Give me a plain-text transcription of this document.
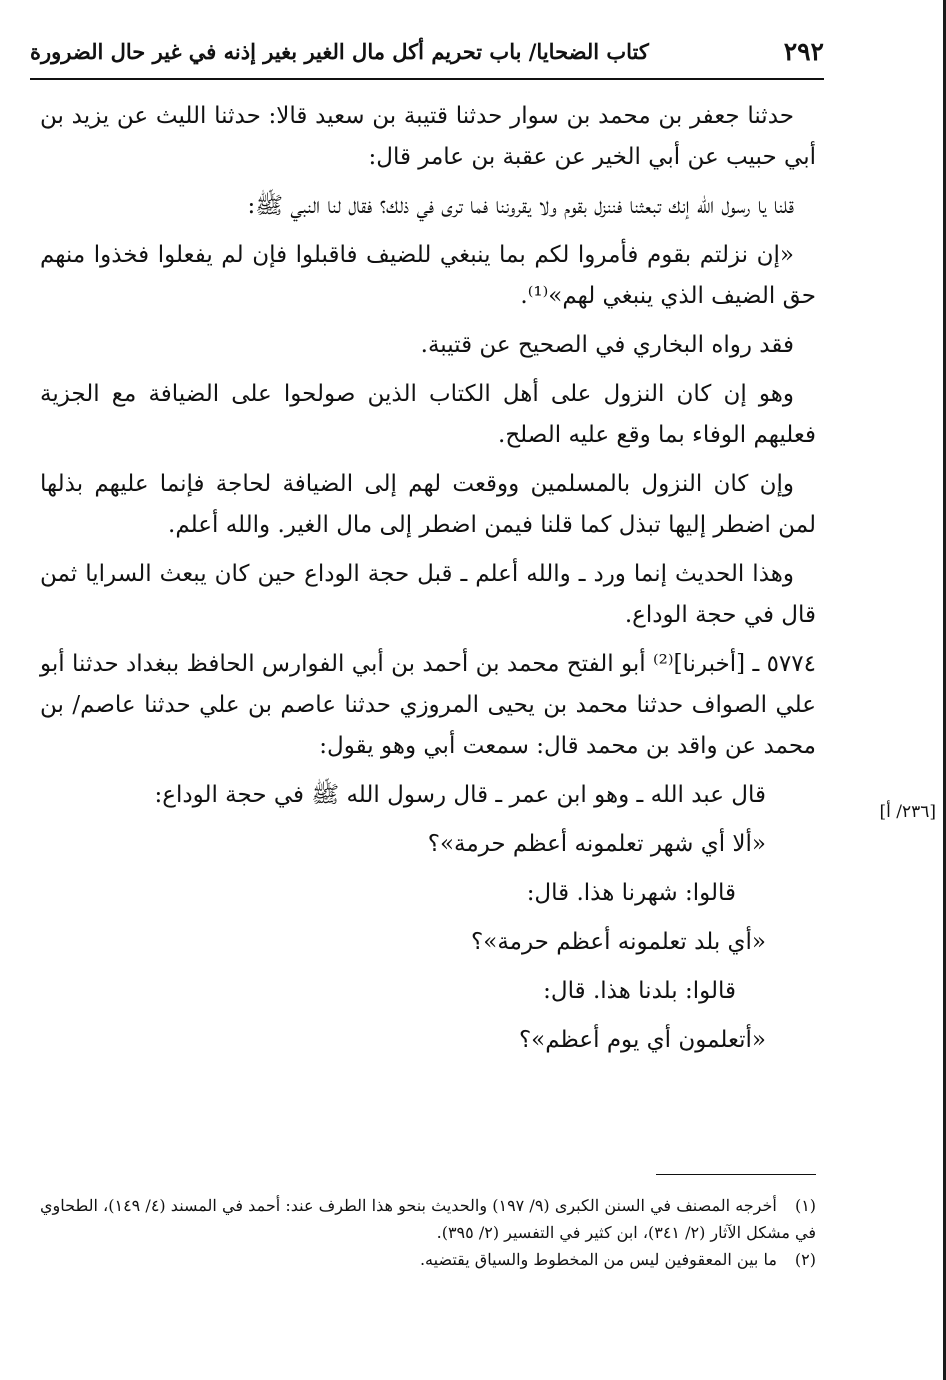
٢٩٢
كتاب الضحايا/ باب تحريم أكل مال الغير بغير إذنه في غير حال الضرورة

حدثنا جعفر بن محمد بن سوار حدثنا قتيبة بن سعيد قالا: حدثنا الليث عن يزيد بن أبي حبيب عن أبي الخير عن عقبة بن عامر قال:

قلنا يا رسول الله إنك تبعثنا فننزل بقوم ولا يقروننا فما ترى في ذلك؟ فقال لنا النبي ﷺ:

«إن نزلتم بقوم فأمروا لكم بما ينبغي للضيف فاقبلوا فإن لم يفعلوا فخذوا منهم حق الضيف الذي ينبغي لهم»⁽¹⁾.

فقد رواه البخاري في الصحيح عن قتيبة.

وهو إن كان النزول على أهل الكتاب الذين صولحوا على الضيافة مع الجزية فعليهم الوفاء بما وقع عليه الصلح.

وإن كان النزول بالمسلمين ووقعت لهم إلى الضيافة لحاجة فإنما عليهم بذلها لمن اضطر إليها تبذل كما قلنا فيمن اضطر إلى مال الغير. والله أعلم.

وهذا الحديث إنما ورد ـ والله أعلم ـ قبل حجة الوداع حين كان يبعث السرايا ثمن قال في حجة الوداع.

٥٧٧٤ ـ [أخبرنا]⁽²⁾ أبو الفتح محمد بن أحمد بن أبي الفوارس الحافظ ببغداد حدثنا أبو علي الصواف حدثنا محمد بن يحيى المروزي حدثنا عاصم بن علي حدثنا عاصم/ بن محمد عن واقد بن محمد قال: سمعت أبي وهو يقول:

قال عبد الله ـ وهو ابن عمر ـ قال رسول الله ﷺ في حجة الوداع:

«ألا أي شهر تعلمونه أعظم حرمة»؟

قالوا: شهرنا هذا. قال:

«أي بلد تعلمونه أعظم حرمة»؟

قالوا: بلدنا هذا. قال:

«أتعلمون أي يوم أعظم»؟

[٢٣٦/ أ]

(١) أخرجه المصنف في السنن الكبرى (٩/ ١٩٧) والحديث بنحو هذا الطرف عند: أحمد في المسند (٤/ ١٤٩)، الطحاوي في مشكل الآثار (٢/ ٣٤١)، ابن كثير في التفسير (٢/ ٣٩٥).

(٢) ما بين المعقوفين ليس من المخطوط والسياق يقتضيه.
